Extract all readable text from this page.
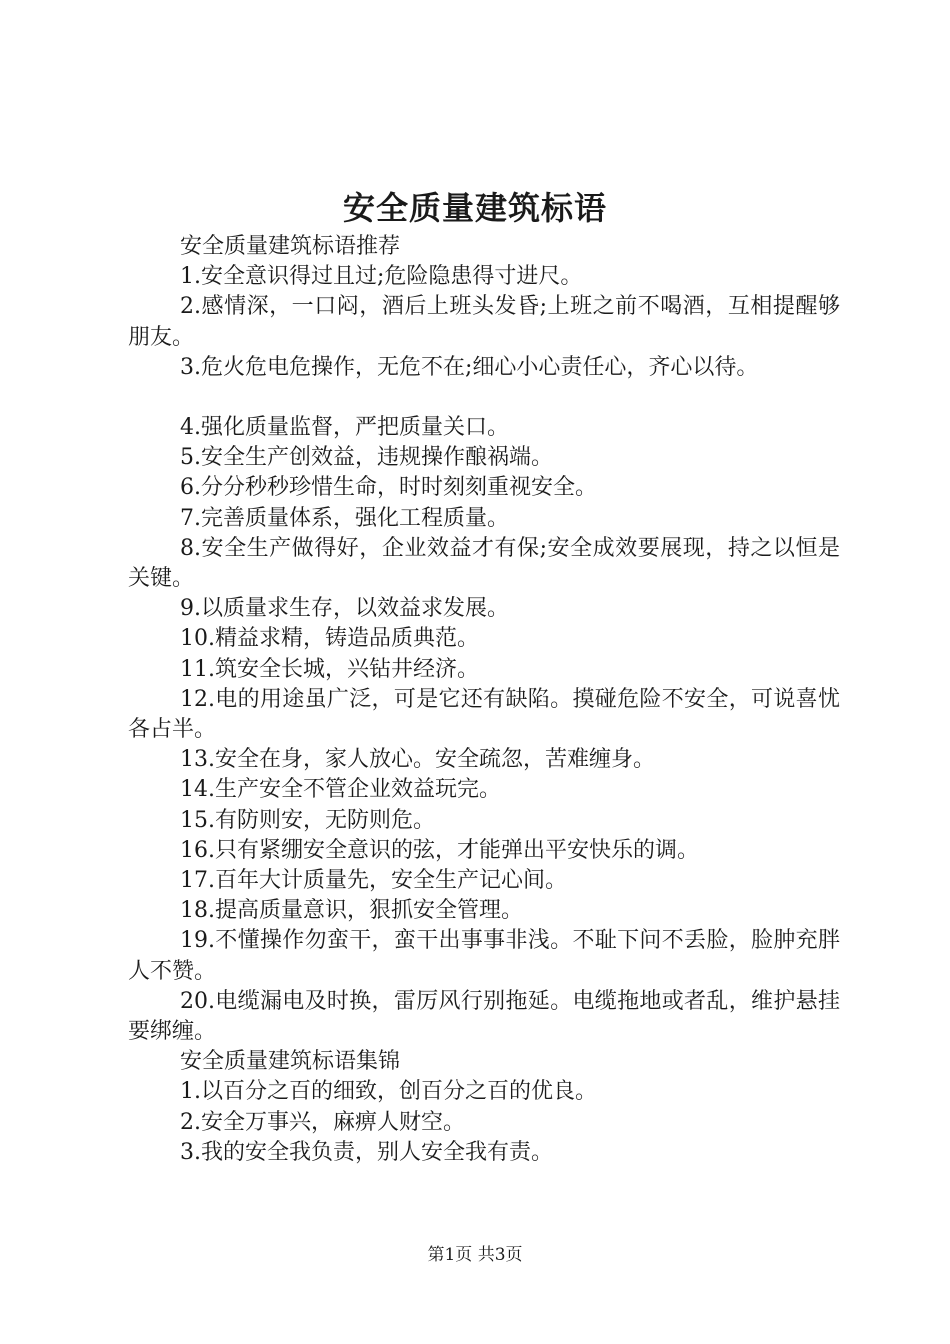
安全质量建筑标语

安全质量建筑标语推荐

1.安全意识得过且过;危险隐患得寸进尺。

2.感情深，一口闷，酒后上班头发昏;上班之前不喝酒，互相提醒够朋友。

3.危火危电危操作，无危不在;细心小心责任心，齐心以待。

4.强化质量监督，严把质量关口。

5.安全生产创效益，违规操作酿祸端。

6.分分秒秒珍惜生命，时时刻刻重视安全。

7.完善质量体系，强化工程质量。

8.安全生产做得好，企业效益才有保;安全成效要展现，持之以恒是关键。

9.以质量求生存，以效益求发展。

10.精益求精，铸造品质典范。

11.筑安全长城，兴钻井经济。

12.电的用途虽广泛，可是它还有缺陷。摸碰危险不安全，可说喜忧各占半。

13.安全在身，家人放心。安全疏忽，苦难缠身。

14.生产安全不管企业效益玩完。

15.有防则安，无防则危。

16.只有紧绷安全意识的弦，才能弹出平安快乐的调。

17.百年大计质量先，安全生产记心间。

18.提高质量意识，狠抓安全管理。

19.不懂操作勿蛮干，蛮干出事事非浅。不耻下问不丢脸，脸肿充胖人不赞。

20.电缆漏电及时换，雷厉风行别拖延。电缆拖地或者乱，维护悬挂要绑缠。

安全质量建筑标语集锦

1.以百分之百的细致，创百分之百的优良。

2.安全万事兴，麻痹人财空。

3.我的安全我负责，别人安全我有责。

第1页 共3页
